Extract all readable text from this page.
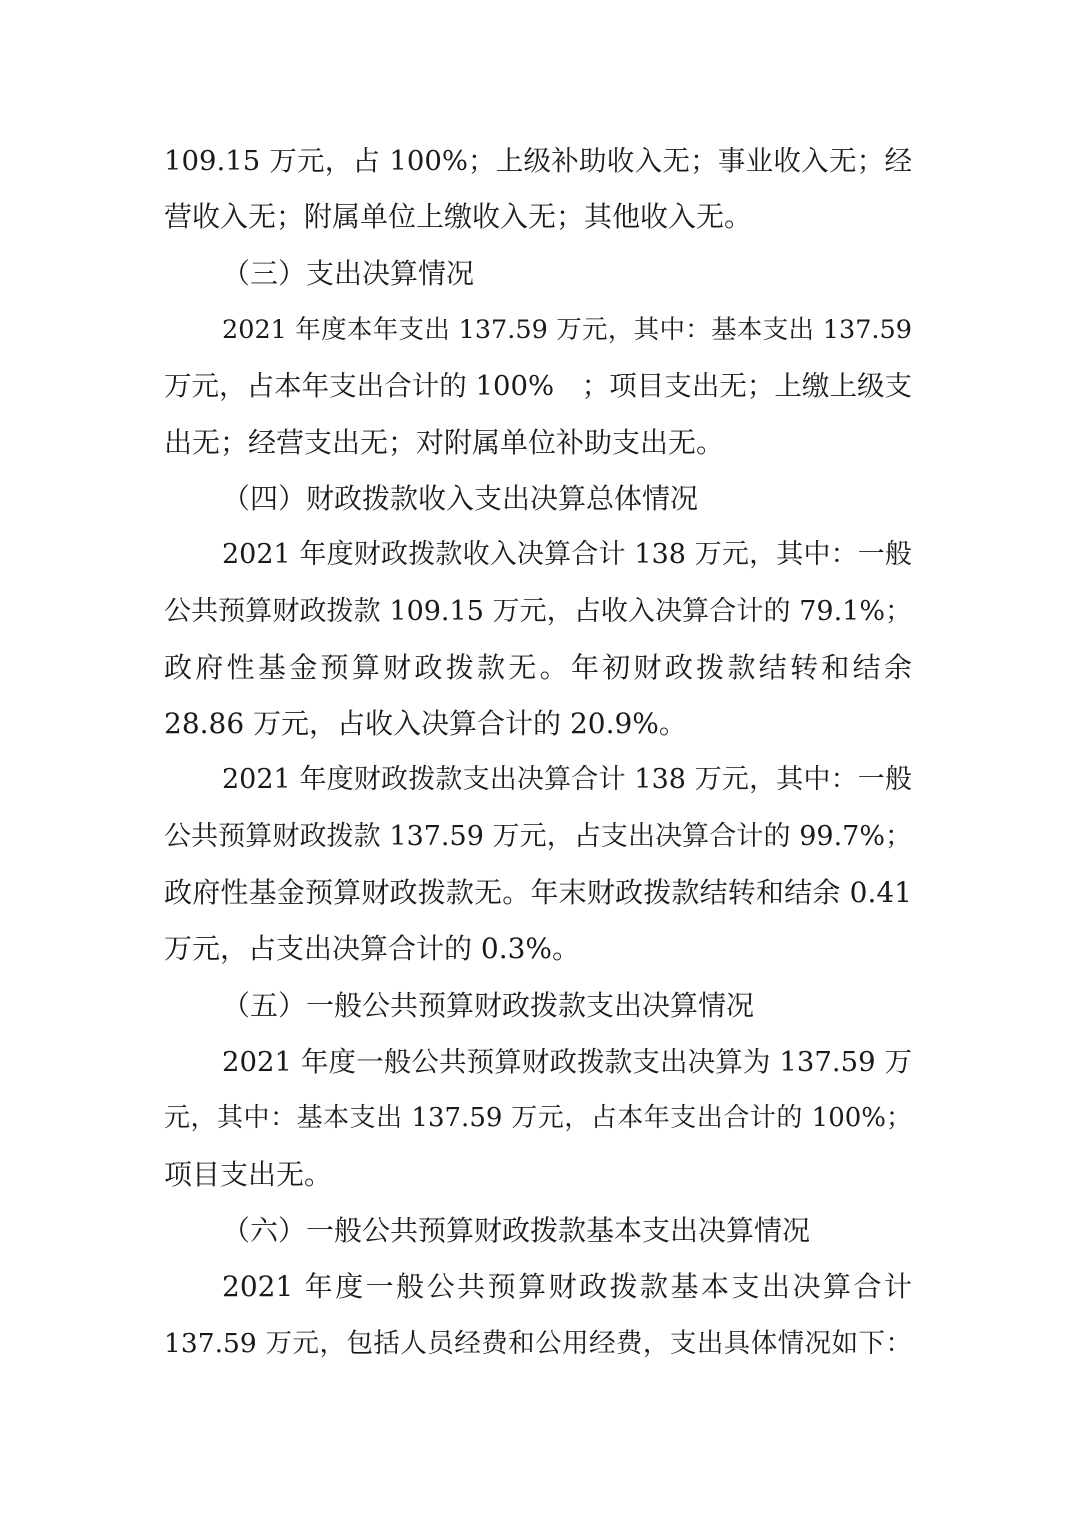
109.15 万元，占 100%；上级补助收入无；事业收入无；经
营收入无；附属单位上缴收入无；其他收入无。
（三）支出决算情况
2021 年度本年支出 137.59 万元，其中：基本支出 137.59
万元，占本年支出合计的 100%　；项目支出无；上缴上级支
出无；经营支出无；对附属单位补助支出无。
（四）财政拨款收入支出决算总体情况
2021 年度财政拨款收入决算合计 138 万元，其中：一般
公共预算财政拨款 109.15 万元，占收入决算合计的 79.1%；
政府性基金预算财政拨款无。年初财政拨款结转和结余
28.86 万元，占收入决算合计的 20.9%。
2021 年度财政拨款支出决算合计 138 万元，其中：一般
公共预算财政拨款 137.59 万元，占支出决算合计的 99.7%；
政府性基金预算财政拨款无。年末财政拨款结转和结余 0.41
万元，占支出决算合计的 0.3%。
（五）一般公共预算财政拨款支出决算情况
2021 年度一般公共预算财政拨款支出决算为 137.59 万
元，其中：基本支出 137.59 万元，占本年支出合计的 100%；
项目支出无。
（六）一般公共预算财政拨款基本支出决算情况
2021 年度一般公共预算财政拨款基本支出决算合计
137.59 万元，包括人员经费和公用经费，支出具体情况如下：
